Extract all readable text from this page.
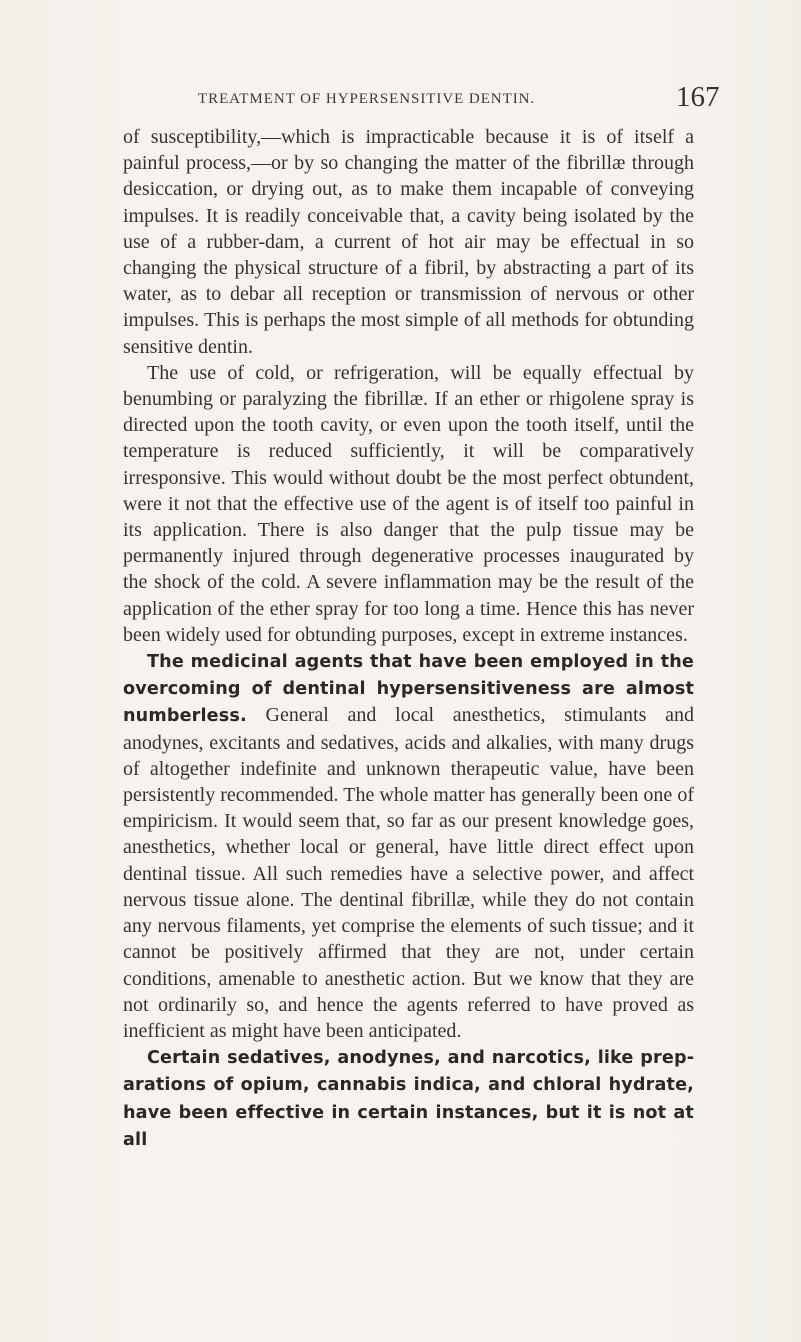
TREATMENT OF HYPERSENSITIVE DENTIN.	167

of susceptibility,—which is impracticable because it is of itself a painful process,—or by so changing the matter of the fibrillæ through desiccation, or drying out, as to make them incapable of conveying impulses. It is readily conceivable that, a cavity being isolated by the use of a rubber-dam, a current of hot air may be effectual in so changing the physical structure of a fibril, by abstracting a part of its water, as to debar all reception or transmission of nervous or other impulses. This is perhaps the most simple of all methods for obtunding sensitive dentin.

The use of cold, or refrigeration, will be equally effectual by benumbing or paralyzing the fibrillæ. If an ether or rhigolene spray is directed upon the tooth cavity, or even upon the tooth itself, until the temperature is reduced sufficiently, it will be comparatively irresponsive. This would without doubt be the most perfect obtundent, were it not that the effective use of the agent is of itself too painful in its application. There is also danger that the pulp tissue may be permanently injured through degenerative processes inaugurated by the shock of the cold. A severe inflammation may be the result of the application of the ether spray for too long a time. Hence this has never been widely used for obtunding purposes, except in extreme instances.

The medicinal agents that have been employed in the overcoming of dentinal hypersensitiveness are almost numberless. General and local anesthetics, stimulants and anodynes, excitants and sedatives, acids and alkalies, with many drugs of altogether indefinite and unknown therapeutic value, have been persistently recommended. The whole matter has generally been one of empiricism. It would seem that, so far as our present knowledge goes, anesthetics, whether local or general, have little direct effect upon dentinal tissue. All such remedies have a selective power, and affect nervous tissue alone. The dentinal fibrillæ, while they do not contain any nervous filaments, yet comprise the elements of such tissue; and it cannot be positively affirmed that they are not, under certain conditions, amenable to anesthetic action. But we know that they are not ordinarily so, and hence the agents referred to have proved as inefficient as might have been anticipated.

Certain sedatives, anodynes, and narcotics, like preparations of opium, cannabis indica, and chloral hydrate, have been effective in certain instances, but it is not at all
